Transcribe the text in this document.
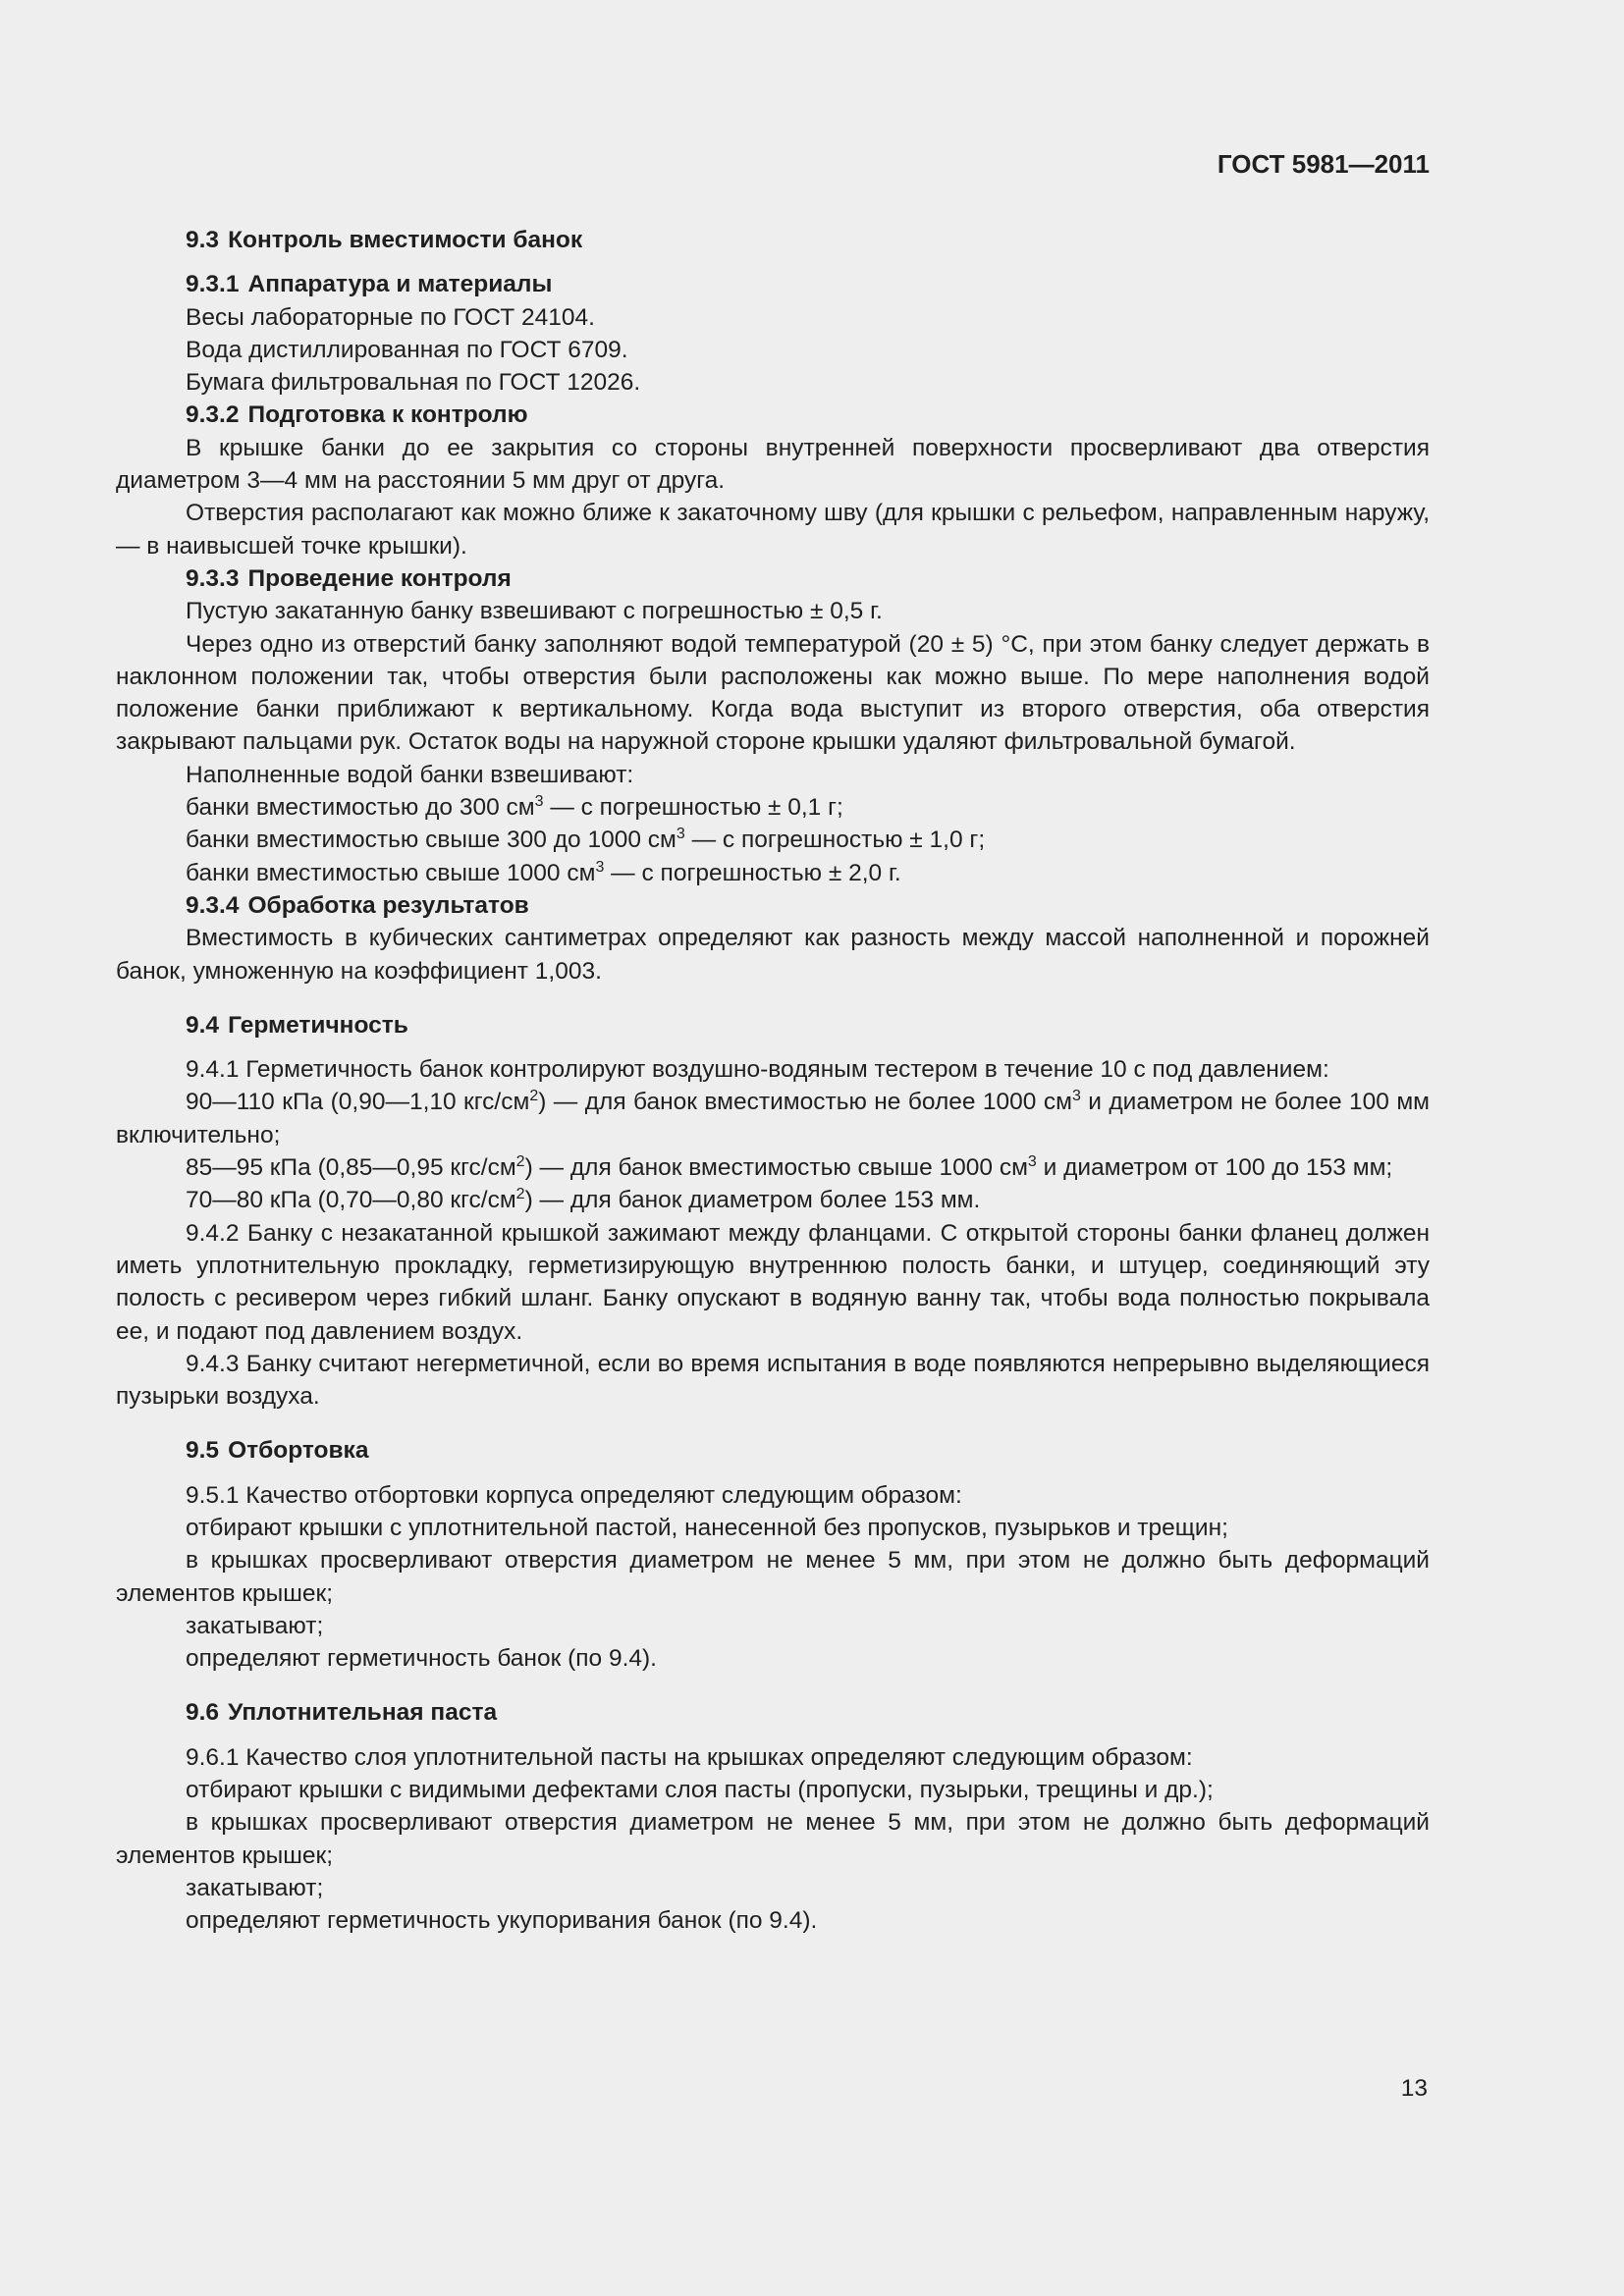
ГОСТ 5981—2011

9.3 Контроль вместимости банок

9.3.1 Аппаратура и материалы

Весы лабораторные по ГОСТ 24104.

Вода дистиллированная по ГОСТ 6709.

Бумага фильтровальная по ГОСТ 12026.

9.3.2 Подготовка к контролю

В крышке банки до ее закрытия со стороны внутренней поверхности просверливают два отверстия диаметром 3—4 мм на расстоянии 5 мм друг от друга.

Отверстия располагают как можно ближе к закаточному шву (для крышки с рельефом, направленным наружу, — в наивысшей точке крышки).

9.3.3 Проведение контроля

Пустую закатанную банку взвешивают с погрешностью ± 0,5 г.

Через одно из отверстий банку заполняют водой температурой (20 ± 5) °С, при этом банку следует держать в наклонном положении так, чтобы отверстия были расположены как можно выше. По мере наполнения водой положение банки приближают к вертикальному. Когда вода выступит из второго отверстия, оба отверстия закрывают пальцами рук. Остаток воды на наружной стороне крышки удаляют фильтровальной бумагой.

Наполненные водой банки взвешивают:

банки вместимостью до 300 $см^3$ — с погрешностью ± 0,1 г;

банки вместимостью свыше 300 до 1000 $см^3$ — с погрешностью ± 1,0 г;

банки вместимостью свыше 1000 $см^3$ — с погрешностью ± 2,0 г.

9.3.4 Обработка результатов

Вместимость в кубических сантиметрах определяют как разность между массой наполненной и порожней банок, умноженную на коэффициент 1,003.

9.4 Герметичность

9.4.1 Герметичность банок контролируют воздушно-водяным тестером в течение 10 с под давлением:

90—110 кПа (0,90—1,10 кгс/$см^2$) — для банок вместимостью не более 1000 $см^3$ и диаметром не более 100 мм включительно;

85—95 кПа (0,85—0,95 кгс/$см^2$) — для банок вместимостью свыше 1000 $см^3$ и диаметром от 100 до 153 мм;

70—80 кПа (0,70—0,80 кгс/$см^2$) — для банок диаметром более 153 мм.

9.4.2 Банку с незакатанной крышкой зажимают между фланцами. С открытой стороны банки фланец должен иметь уплотнительную прокладку, герметизирующую внутреннюю полость банки, и штуцер, соединяющий эту полость с ресивером через гибкий шланг. Банку опускают в водяную ванну так, чтобы вода полностью покрывала ее, и подают под давлением воздух.

9.4.3 Банку считают негерметичной, если во время испытания в воде появляются непрерывно выделяющиеся пузырьки воздуха.

9.5 Отбортовка

9.5.1 Качество отбортовки корпуса определяют следующим образом:

отбирают крышки с уплотнительной пастой, нанесенной без пропусков, пузырьков и трещин;

в крышках просверливают отверстия диаметром не менее 5 мм, при этом не должно быть деформаций элементов крышек;

закатывают;

определяют герметичность банок (по 9.4).

9.6 Уплотнительная паста

9.6.1 Качество слоя уплотнительной пасты на крышках определяют следующим образом:

отбирают крышки с видимыми дефектами слоя пасты (пропуски, пузырьки, трещины и др.);

в крышках просверливают отверстия диаметром не менее 5 мм, при этом не должно быть деформаций элементов крышек;

закатывают;

определяют герметичность укупоривания банок (по 9.4).

13
